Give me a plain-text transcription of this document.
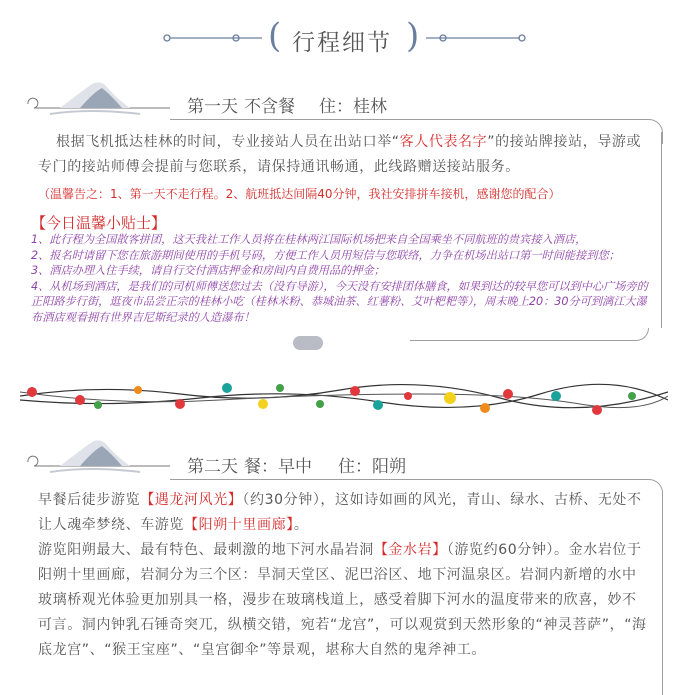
( 行程细节 )
第一天 不含餐 住：桂林
根据飞机抵达桂林的时间，专业接站人员在出站口举“客人代表名字”的接站牌接站，导游或专门的接站师傅会提前与您联系，请保持通讯畅通，此线路赠送接站服务。
（温馨告之：1、第一天不走行程。2、航班抵达间隔40分钟，我社安排拼车接机，感谢您的配合）
【今日温馨小贴士】

1、此行程为全国散客拼团，这天我社工作人员将在桂林两江国际机场把来自全国乘坐不同航班的贵宾接入酒店，

2、报名时请留下您在旅游期间使用的手机号码，方便工作人员用短信与您联络，力争在机场出站口第一时间能接到您；

3、酒店办理入住手续，请自行交付酒店押金和房间内自费用品的押金；

4、从机场到酒店，是我们的司机师傅送您过去（没有导游），今天没有安排团体膳食，如果到达的较早您可以到中心广场旁的正阳路步行街，逛夜市品尝正宗的桂林小吃（桂林米粉、恭城油茶、红薯粉、艾叶粑粑等），周末晚上20：30分可到漓江大瀑布酒店观看拥有世界吉尼斯纪录的人造瀑布！

第二天 餐：早中 住：阳朔
早餐后徒步游览【遇龙河风光】（约30分钟），这如诗如画的风光，青山、绿水、古桥、无处不让人魂牵梦绕、车游览【阳朔十里画廊】。
游览阳朔最大、最有特色、最刺激的地下河水晶岩洞【金水岩】（游览约60分钟）。金水岩位于阳朔十里画廊，岩洞分为三个区：旱洞天堂区、泥巴浴区、地下河温泉区。岩洞内新增的水中玻璃桥观光体验更加别具一格，漫步在玻璃栈道上，感受着脚下河水的温度带来的欣喜，妙不可言。洞内钟乳石锤奇突兀，纵横交错，宛若“龙宫”，可以观赏到天然形象的“神灵菩萨”，“海底龙宫”、“猴王宝座”、“皇宫御伞”等景观，堪称大自然的鬼斧神工。
